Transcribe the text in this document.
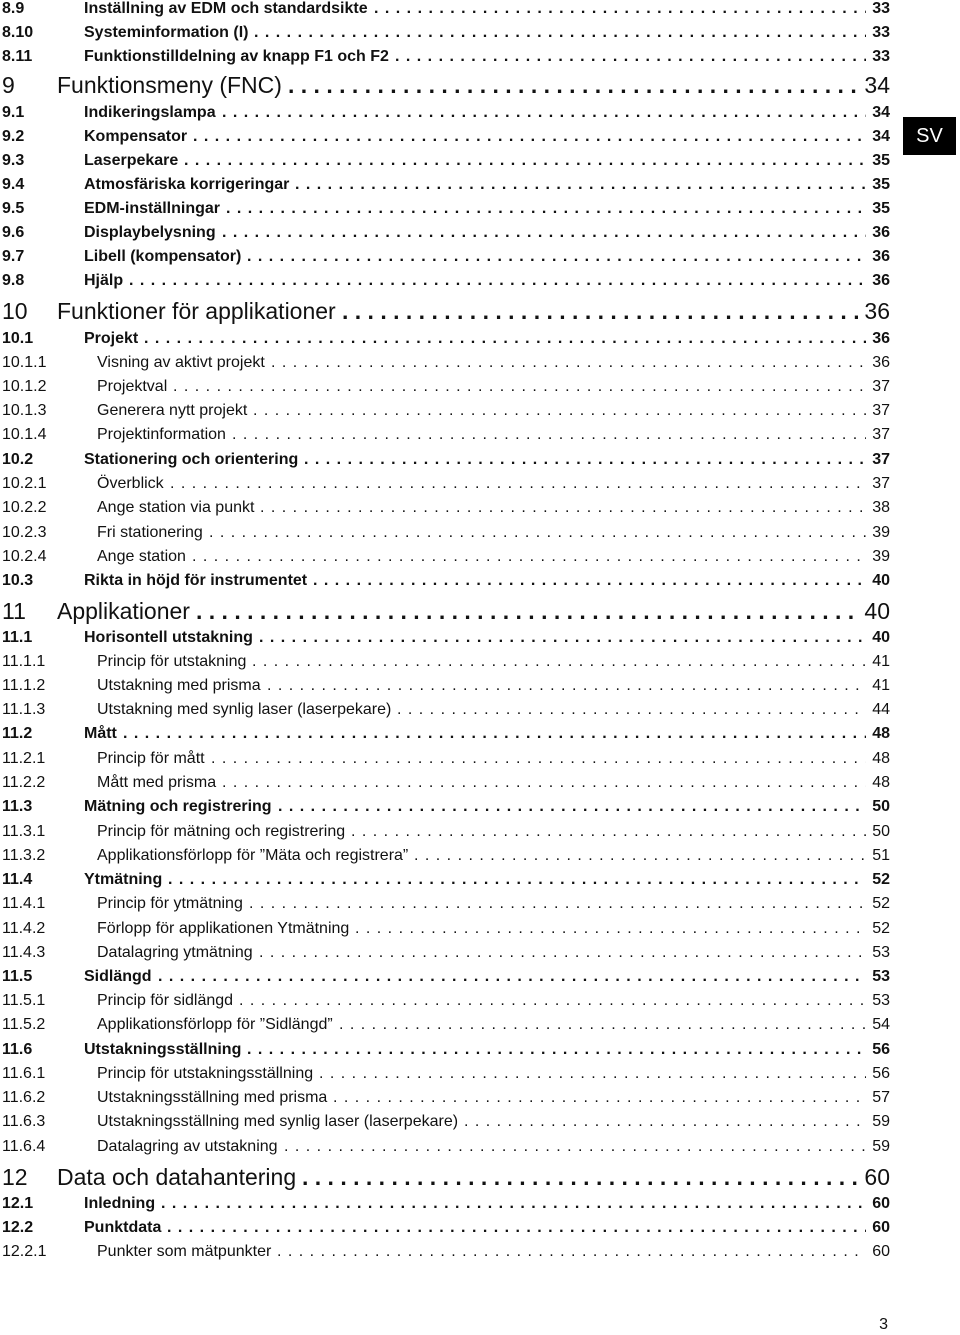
8.9	Inställning av EDM och standardsikte . . .	33
8.10	Systeminformation (I) . . .	33
8.11	Funktionstilldelning av knapp F1 och F2 . . .	33
9 Funktionsmeny (FNC) . . .	34
9.1	Indikeringslampa . . .	34
9.2	Kompensator . . .	34
9.3	Laserpekare . . .	35
9.4	Atmosfäriska korrigeringar . . .	35
9.5	EDM-inställningar . . .	35
9.6	Displaybelysning . . .	36
9.7	Libell (kompensator) . . .	36
9.8	Hjälp . . .	36
10 Funktioner för applikationer . . .	36
10.1	Projekt . . .	36
10.1.1	Visning av aktivt projekt . . .	36
10.1.2	Projektval . . .	37
10.1.3	Generera nytt projekt . . .	37
10.1.4	Projektinformation . . .	37
10.2	Stationering och orientering . . .	37
10.2.1	Överblick . . .	37
10.2.2	Ange station via punkt . . .	38
10.2.3	Fri stationering . . .	39
10.2.4	Ange station . . .	39
10.3	Rikta in höjd för instrumentet . . .	40
11 Applikationer . . .	40
11.1	Horisontell utstakning . . .	40
11.1.1	Princip för utstakning . . .	41
11.1.2	Utstakning med prisma . . .	41
11.1.3	Utstakning med synlig laser (laserpekare) . . .	44
11.2	Mått . . .	48
11.2.1	Princip för mått . . .	48
11.2.2	Mått med prisma . . .	48
11.3	Mätning och registrering . . .	50
11.3.1	Princip för mätning och registrering . . .	50
11.3.2	Applikationsförlopp för ”Mäta och registrera” . . .	51
11.4	Ytmätning . . .	52
11.4.1	Princip för ytmätning . . .	52
11.4.2	Förlopp för applikationen Ytmätning . . .	52
11.4.3	Datalagring ytmätning . . .	53
11.5	Sidlängd . . .	53
11.5.1	Princip för sidlängd . . .	53
11.5.2	Applikationsförlopp för ”Sidlängd” . . .	54
11.6	Utstakningsställning . . .	56
11.6.1	Princip för utstakningsställning . . .	56
11.6.2	Utstakningsställning med prisma . . .	57
11.6.3	Utstakningsställning med synlig laser (laserpekare) . . .	59
11.6.4	Datalagring av utstakning . . .	59
12 Data och datahantering . . .	60
12.1	Inledning . . .	60
12.2	Punktdata . . .	60
12.2.1	Punkter som mätpunkter . . .	60
SV
3
